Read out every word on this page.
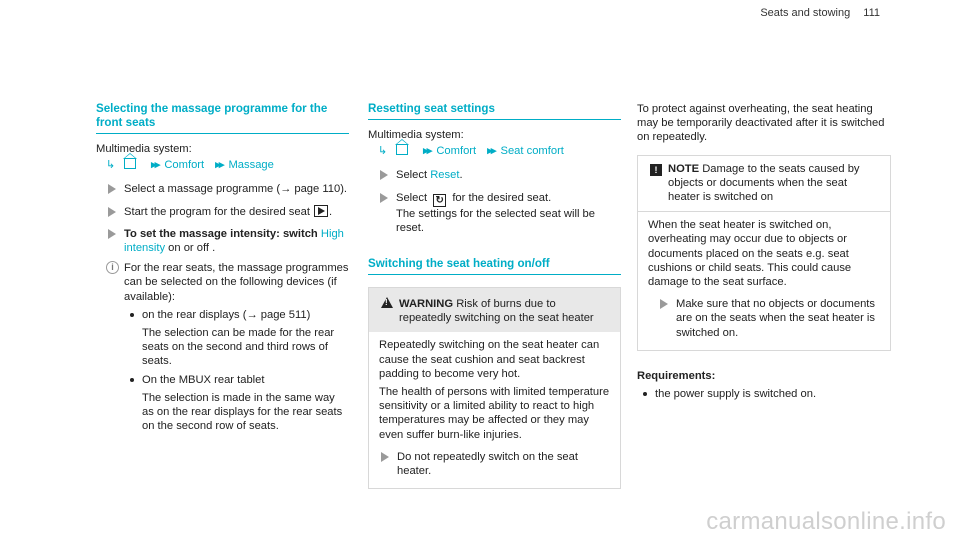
Seats and stowing 111
Selecting the massage programme for the
front seats
Multimedia system:
↳	▸▸ Comfort ▸▸ Massage
Select a massage programme (→ page 110).
Start the program for the desired seat .
To set the massage intensity: switch High
intensity on or off .
i For the rear seats, the massage programmes can be selected on the following devices (if available):
on the rear displays (→ page 511)
The selection can be made for the rear seats on the second and third rows of seats.
On the MBUX rear tablet
The selection is made in the same way as on the rear displays for the rear seats on the second row of seats.
Resetting seat settings
Multimedia system:
↳	▸▸ Comfort ▸▸ Seat comfort
Select Reset.
Select ↻ for the desired seat.
The settings for the selected seat will be reset.
Switching the seat heating on/off
!
WARNING Risk of burns due to repeatedly switching on the seat heater

Repeatedly switching on the seat heater can cause the seat cushion and seat backrest padding to become very hot.

The health of persons with limited temperature sensitivity or a limited ability to react to high temperatures may be affected or they may even suffer burn-like injuries.

Do not repeatedly switch on the seat heater.

To protect against overheating, the seat heating may be temporarily deactivated after it is switched on repeatedly.

! NOTE Damage to the seats caused by objects or documents when the seat heater is switched on

When the seat heater is switched on, overheating may occur due to objects or documents placed on the seats e.g. seat cushions or child seats. This could cause damage to the seat surface.

Make sure that no objects or documents are on the seats when the seat heater is switched on.
Requirements:
the power supply is switched on.
carmanualsonline.info
